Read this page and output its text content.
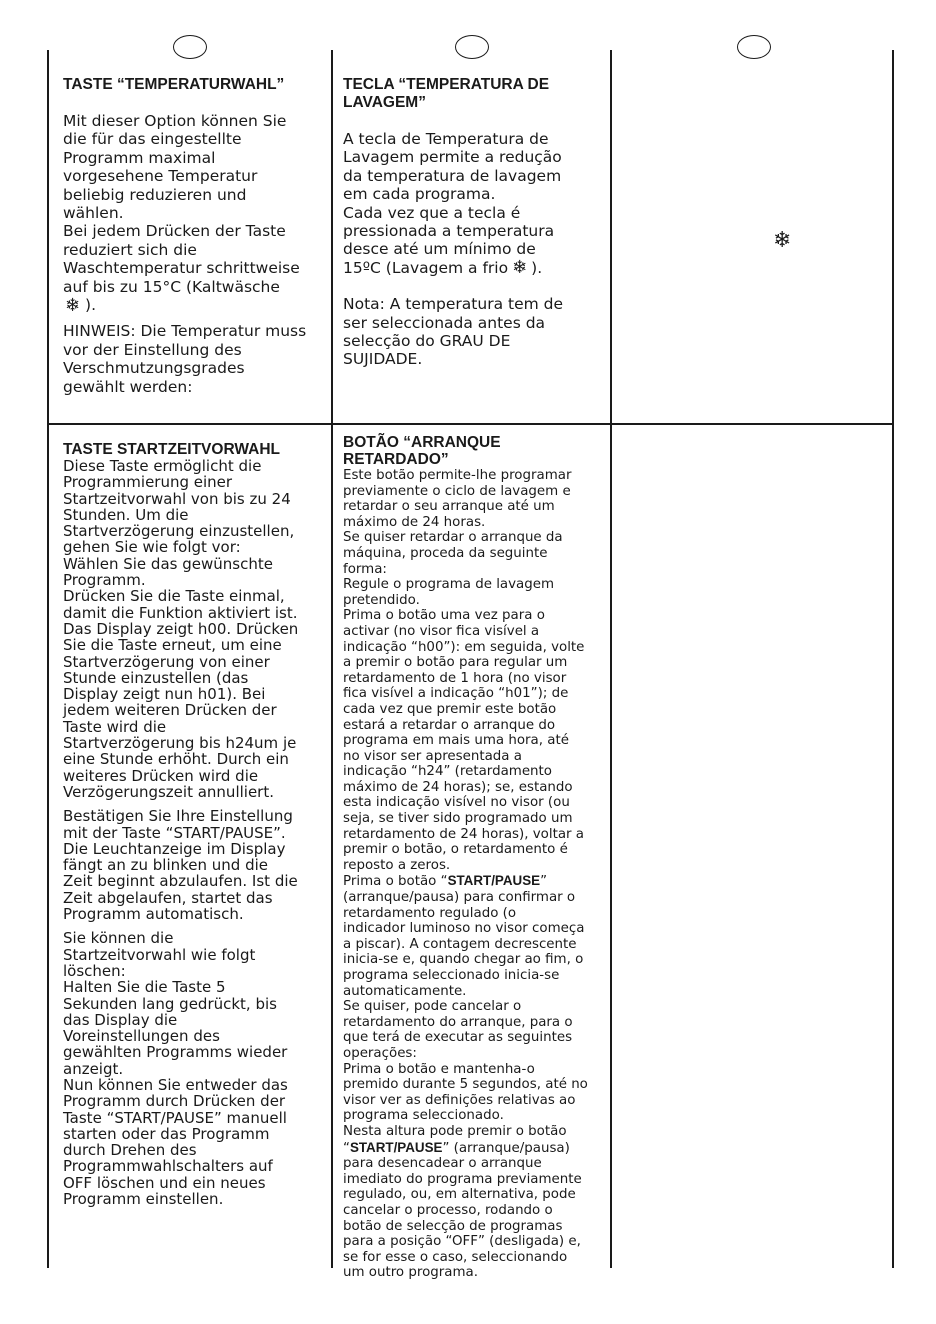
TASTE “TEMPERATURWAHL”

Mit dieser Option können Sie
die für das eingestellte
Programm maximal
vorgesehene Temperatur
beliebig reduzieren und
wählen.
Bei jedem Drücken der Taste
reduziert sich die
Waschtemperatur schrittweise
auf bis zu 15°C (Kaltwäsche
❄ ).

HINWEIS: Die Temperatur muss
vor der Einstellung des
Verschmutzungsgrades
gewählt werden:

TECLA “TEMPERATURA DE
LAVAGEM”

A tecla de Temperatura de
Lavagem permite a redução
da temperatura de lavagem
em cada programa.
Cada vez que a tecla é
pressionada a temperatura
desce até um mínimo de
15ºC (Lavagem a frio ❄ ).

Nota: A temperatura tem de
ser seleccionada antes da
selecção do GRAU DE
SUJIDADE.

❄

TASTE STARTZEITVORWAHL

Diese Taste ermöglicht die
Programmierung einer
Startzeitvorwahl von bis zu 24
Stunden. Um die
Startverzögerung einzustellen,
gehen Sie wie folgt vor:
Wählen Sie das gewünschte
Programm.
Drücken Sie die Taste einmal,
damit die Funktion aktiviert ist.
Das Display zeigt h00. Drücken
Sie die Taste erneut, um eine
Startverzögerung von einer
Stunde einzustellen (das
Display zeigt nun h01). Bei
jedem weiteren Drücken der
Taste wird die
Startverzögerung bis h24um je
eine Stunde erhöht. Durch ein
weiteres Drücken wird die
Verzögerungszeit annulliert.

Bestätigen Sie Ihre Einstellung
mit der Taste “START/PAUSE”.
Die Leuchtanzeige im Display
fängt an zu blinken und die
Zeit beginnt abzulaufen. Ist die
Zeit abgelaufen, startet das
Programm automatisch.

Sie können die
Startzeitvorwahl wie folgt
löschen:
Halten Sie die Taste 5
Sekunden lang gedrückt, bis
das Display die
Voreinstellungen des
gewählten Programms wieder
anzeigt.
Nun können Sie entweder das
Programm durch Drücken der
Taste “START/PAUSE” manuell
starten oder das Programm
durch Drehen des
Programmwahlschalters auf
OFF löschen und ein neues
Programm einstellen.

BOTÃO “ARRANQUE
RETARDADO”

Este botão permite-lhe programar
previamente o ciclo de lavagem e
retardar o seu arranque até um
máximo de 24 horas.
Se quiser retardar o arranque da
máquina, proceda da seguinte
forma:
Regule o programa de lavagem
pretendido.
Prima o botão uma vez para o
activar (no visor fica visível a
indicação “h00”): em seguida, volte
a premir o botão para regular um
retardamento de 1 hora (no visor
fica visível a indicação “h01”); de
cada vez que premir este botão
estará a retardar o arranque do
programa em mais uma hora, até
no visor ser apresentada a
indicação “h24” (retardamento
máximo de 24 horas); se, estando
esta indicação visível no visor (ou
seja, se tiver sido programado um
retardamento de 24 horas), voltar a
premir o botão, o retardamento é
reposto a zeros.

Prima o botão “START/PAUSE”
(arranque/pausa) para confirmar o
retardamento regulado (o
indicador luminoso no visor começa
a piscar). A contagem decrescente
inicia-se e, quando chegar ao fim, o
programa seleccionado inicia-se
automaticamente.
Se quiser, pode cancelar o
retardamento do arranque, para o
que terá de executar as seguintes
operações:
Prima o botão e mantenha-o
premido durante 5 segundos, até no
visor ver as definições relativas ao
programa seleccionado.
Nesta altura pode premir o botão

“START/PAUSE” (arranque/pausa)
para desencadear o arranque
imediato do programa previamente
regulado, ou, em alternativa, pode
cancelar o processo, rodando o
botão de selecção de programas
para a posição “OFF” (desligada) e,
se for esse o caso, seleccionando
um outro programa.
